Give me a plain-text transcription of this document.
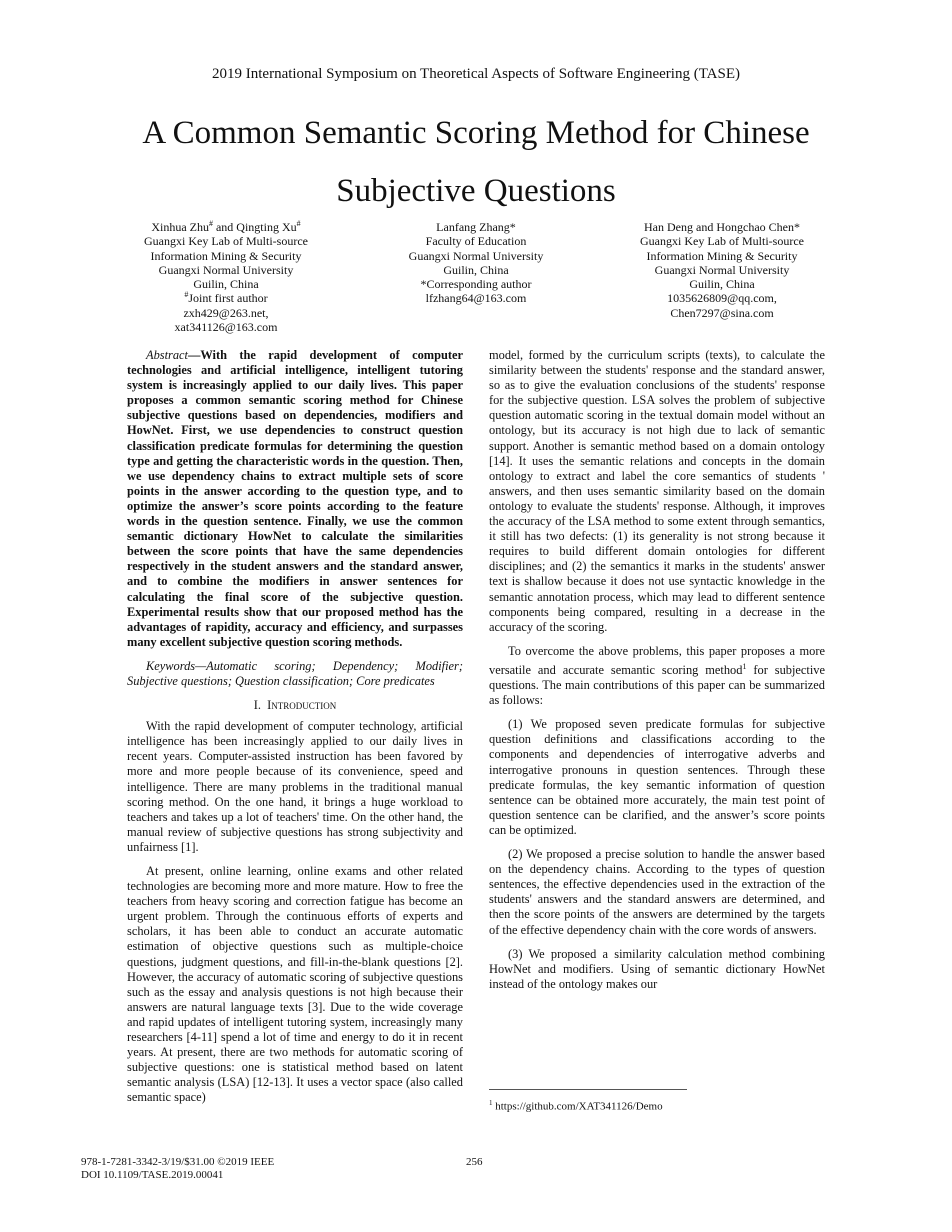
2019 International Symposium on Theoretical Aspects of Software Engineering (TASE)
A Common Semantic Scoring Method for Chinese
Subjective Questions
Xinhua Zhu# and Qingting Xu#
Guangxi Key Lab of Multi-source
Information Mining & Security
Guangxi Normal University
Guilin, China
#Joint first author
zxh429@263.net,
xat341126@163.com
Lanfang Zhang*
Faculty of Education
Guangxi Normal University
Guilin, China
*Corresponding author
lfzhang64@163.com
Han Deng and Hongchao Chen*
Guangxi Key Lab of Multi-source
Information Mining & Security
Guangxi Normal University
Guilin, China
1035626809@qq.com,
Chen7297@sina.com

Abstract—With the rapid development of computer technologies and artificial intelligence, intelligent tutoring system is increasingly applied to our daily lives. This paper proposes a common semantic scoring method for Chinese subjective questions based on dependencies, modifiers and HowNet. First, we use dependencies to construct question classification predicate formulas for determining the question type and getting the characteristic words in the question. Then, we use dependency chains to extract multiple sets of score points in the answer according to the question type, and to optimize the answer’s score points according to the feature words in the question sentence. Finally, we use the common semantic dictionary HowNet to calculate the similarities between the score points that have the same dependencies respectively in the student answers and the standard answer, and to combine the modifiers in answer sentences for calculating the final score of the subjective question. Experimental results show that our proposed method has the advantages of rapidity, accuracy and efficiency, and surpasses many excellent subjective question scoring methods.

Keywords—Automatic scoring; Dependency; Modifier; Subjective questions; Question classification; Core predicates

I. Introduction

With the rapid development of computer technology, artificial intelligence has been increasingly applied to our daily lives in recent years. Computer-assisted instruction has been favored by more and more people because of its convenience, speed and intelligence. There are many problems in the traditional manual scoring method. On the one hand, it brings a huge workload to teachers and takes up a lot of teachers' time. On the other hand, the manual review of subjective questions has strong subjectivity and unfairness [1].

At present, online learning, online exams and other related technologies are becoming more and more mature. How to free the teachers from heavy scoring and correction fatigue has become an urgent problem. Through the continuous efforts of experts and scholars, it has been able to conduct an accurate automatic estimation of objective questions such as multiple-choice questions, judgment questions, and fill-in-the-blank questions [2]. However, the accuracy of automatic scoring of subjective questions such as the essay and analysis questions is not high because their answers are natural language texts [3]. Due to the wide coverage and rapid updates of intelligent tutoring system, increasingly many researchers [4-11] spend a lot of time and energy to do it in recent years. At present, there are two methods for automatic scoring of subjective questions: one is statistical method based on latent semantic analysis (LSA) [12-13]. It uses a vector space (also called semantic space)

model, formed by the curriculum scripts (texts), to calculate the similarity between the students' response and the standard answer, so as to give the evaluation conclusions of the students' response for the subjective question. LSA solves the problem of subjective question automatic scoring in the textual domain model without an ontology, but its accuracy is not high due to lack of semantic support. Another is semantic method based on a domain ontology [14]. It uses the semantic relations and concepts in the domain ontology to extract and label the core semantics of students ' answers, and then uses semantic similarity based on the domain ontology to evaluate the students' response. Although, it improves the accuracy of the LSA method to some extent through semantics, it still has two defects: (1) its generality is not strong because it requires to build different domain ontologies for different disciplines; and (2) the semantics it marks in the students' answer text is shallow because it does not use syntactic knowledge in the semantic annotation process, which may lead to different sentence components being compared, resulting in a decrease in the accuracy of the scoring.

To overcome the above problems, this paper proposes a more versatile and accurate semantic scoring method$^1$ for subjective questions. The main contributions of this paper can be summarized as follows:

(1) We proposed seven predicate formulas for subjective question definitions and classifications according to the components and dependencies of interrogative adverbs and interrogative pronouns in question sentences. Through these predicate formulas, the key semantic information of question sentence can be obtained more accurately, the main test point of question sentence can be clarified, and the answer’s score points can be optimized.

(2) We proposed a precise solution to handle the answer based on the dependency chains. According to the types of question sentences, the effective dependencies used in the extraction of the students' answers and the standard answers are determined, and then the score points of the answers are determined by the targets of the effective dependency chain with the core words of answers.

(3) We proposed a similarity calculation method combining HowNet and modifiers. Using of semantic dictionary HowNet instead of the ontology makes our

$^1$ https://github.com/XAT341126/Demo
978-1-7281-3342-3/19/$31.00 ©2019 IEEE
DOI 10.1109/TASE.2019.00041
256
